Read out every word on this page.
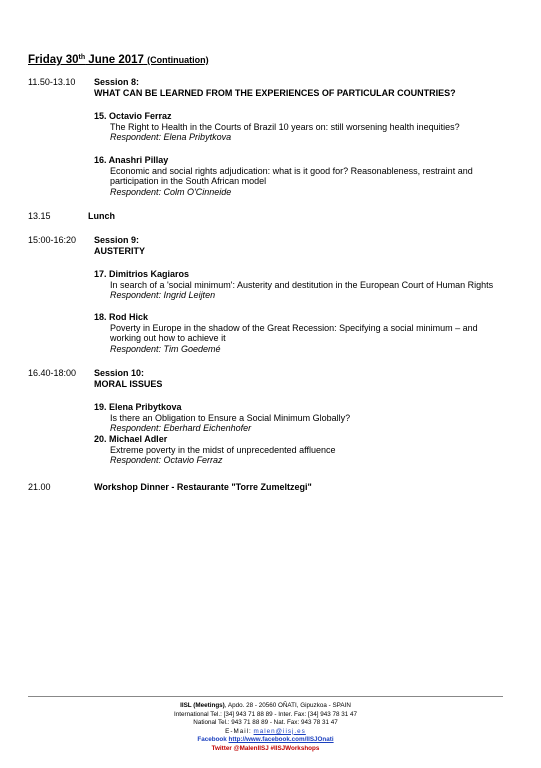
Friday 30th June 2017 (Continuation)
11.50-13.10 Session 8:
WHAT CAN BE LEARNED FROM THE EXPERIENCES OF PARTICULAR COUNTRIES?
15. Octavio Ferraz
The Right to Health in the Courts of Brazil 10 years on: still worsening health inequities?
Respondent: Elena Pribytkova
16. Anashri Pillay
Economic and social rights adjudication: what is it good for? Reasonableness, restraint and participation in the South African model
Respondent: Colm O'Cinneide
13.15	Lunch
15:00-16:20 Session 9:
AUSTERITY
17. Dimitrios Kagiaros
In search of a 'social minimum': Austerity and destitution in the European Court of Human Rights
Respondent: Ingrid Leijten
18. Rod Hick
Poverty in Europe in the shadow of the Great Recession: Specifying a social minimum – and working out how to achieve it
Respondent: Tim Goedemé
16.40-18:00 Session 10:
MORAL ISSUES
19. Elena Pribytkova
Is there an Obligation to Ensure a Social Minimum Globally?
Respondent: Eberhard Eichenhofer
20. Michael Adler
Extreme poverty in the midst of unprecedented affluence
Respondent: Octavio Ferraz
21.00	Workshop Dinner - Restaurante "Torre Zumeltzegi"
IISL (Meetings), Apdo. 28 - 20560 OÑATI, Gipuzkoa - SPAIN
International Tel.: [34] 943 71 88 89 - Inter. Fax: [34] 943 78 31 47
National Tel.: 943 71 88 89 - Nat. Fax: 943 78 31 47
E-Mail: malen@iisj.es
Facebook http://www.facebook.com/IISJOnati
Twitter @MalenIISJ #IISJWorkshops
